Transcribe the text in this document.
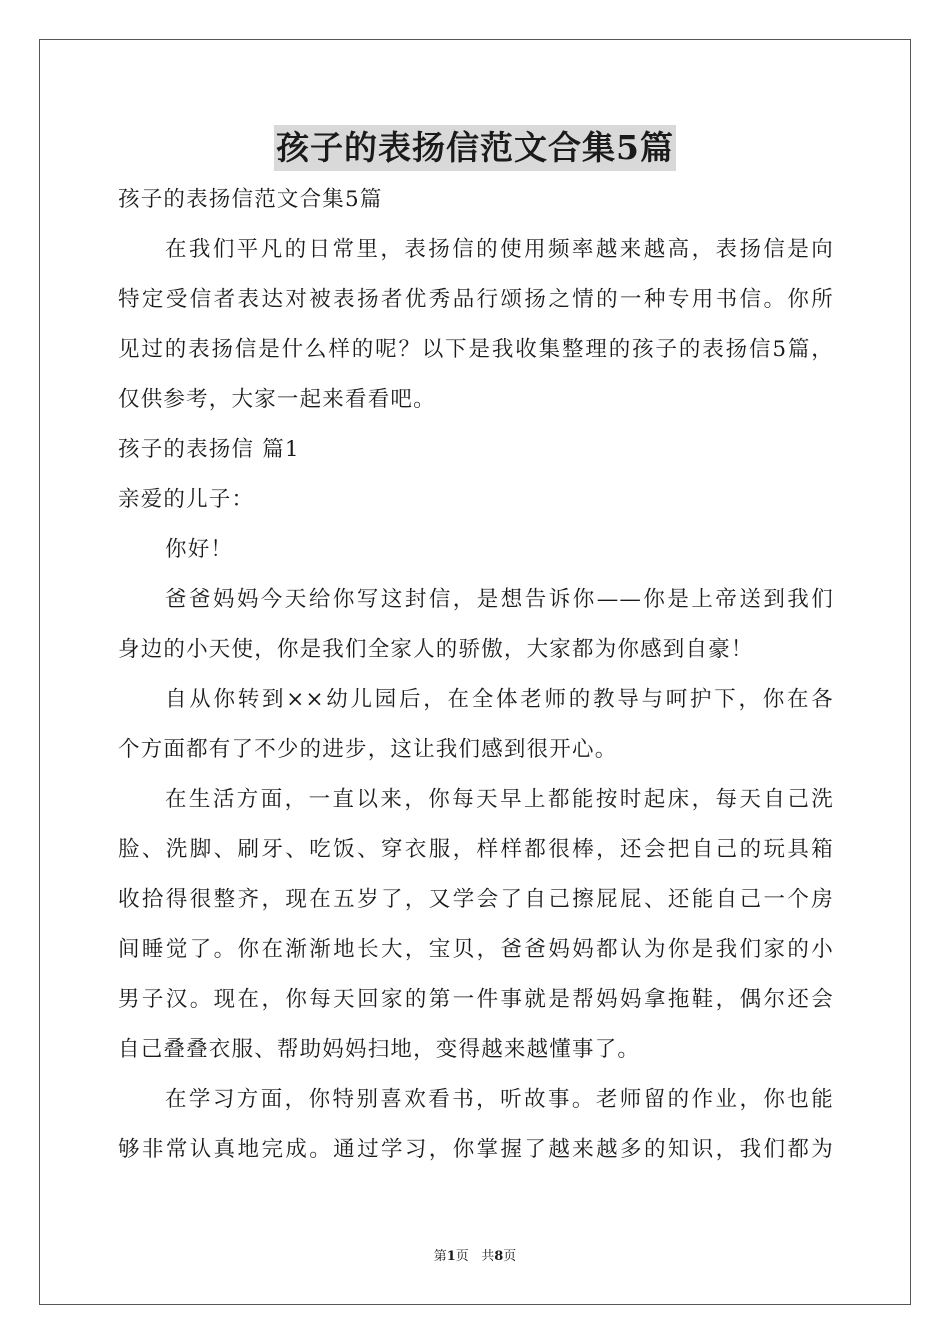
孩子的表扬信范文合集5篇
孩子的表扬信范文合集5篇
在我们平凡的日常里，表扬信的使用频率越来越高，表扬信是向
特定受信者表达对被表扬者优秀品行颂扬之情的一种专用书信。你所
见过的表扬信是什么样的呢？以下是我收集整理的孩子的表扬信5篇，
仅供参考，大家一起来看看吧。
孩子的表扬信 篇1
亲爱的儿子：
你好！
爸爸妈妈今天给你写这封信，是想告诉你——你是上帝送到我们
身边的小天使，你是我们全家人的骄傲，大家都为你感到自豪！
自从你转到××幼儿园后，在全体老师的教导与呵护下，你在各
个方面都有了不少的进步，这让我们感到很开心。
在生活方面，一直以来，你每天早上都能按时起床，每天自己洗
脸、洗脚、刷牙、吃饭、穿衣服，样样都很棒，还会把自己的玩具箱
收拾得很整齐，现在五岁了，又学会了自己擦屁屁、还能自己一个房
间睡觉了。你在渐渐地长大，宝贝，爸爸妈妈都认为你是我们家的小
男子汉。现在，你每天回家的第一件事就是帮妈妈拿拖鞋，偶尔还会
自己叠叠衣服、帮助妈妈扫地，变得越来越懂事了。
在学习方面，你特别喜欢看书，听故事。老师留的作业，你也能
够非常认真地完成。通过学习，你掌握了越来越多的知识，我们都为
第1页 共8页
